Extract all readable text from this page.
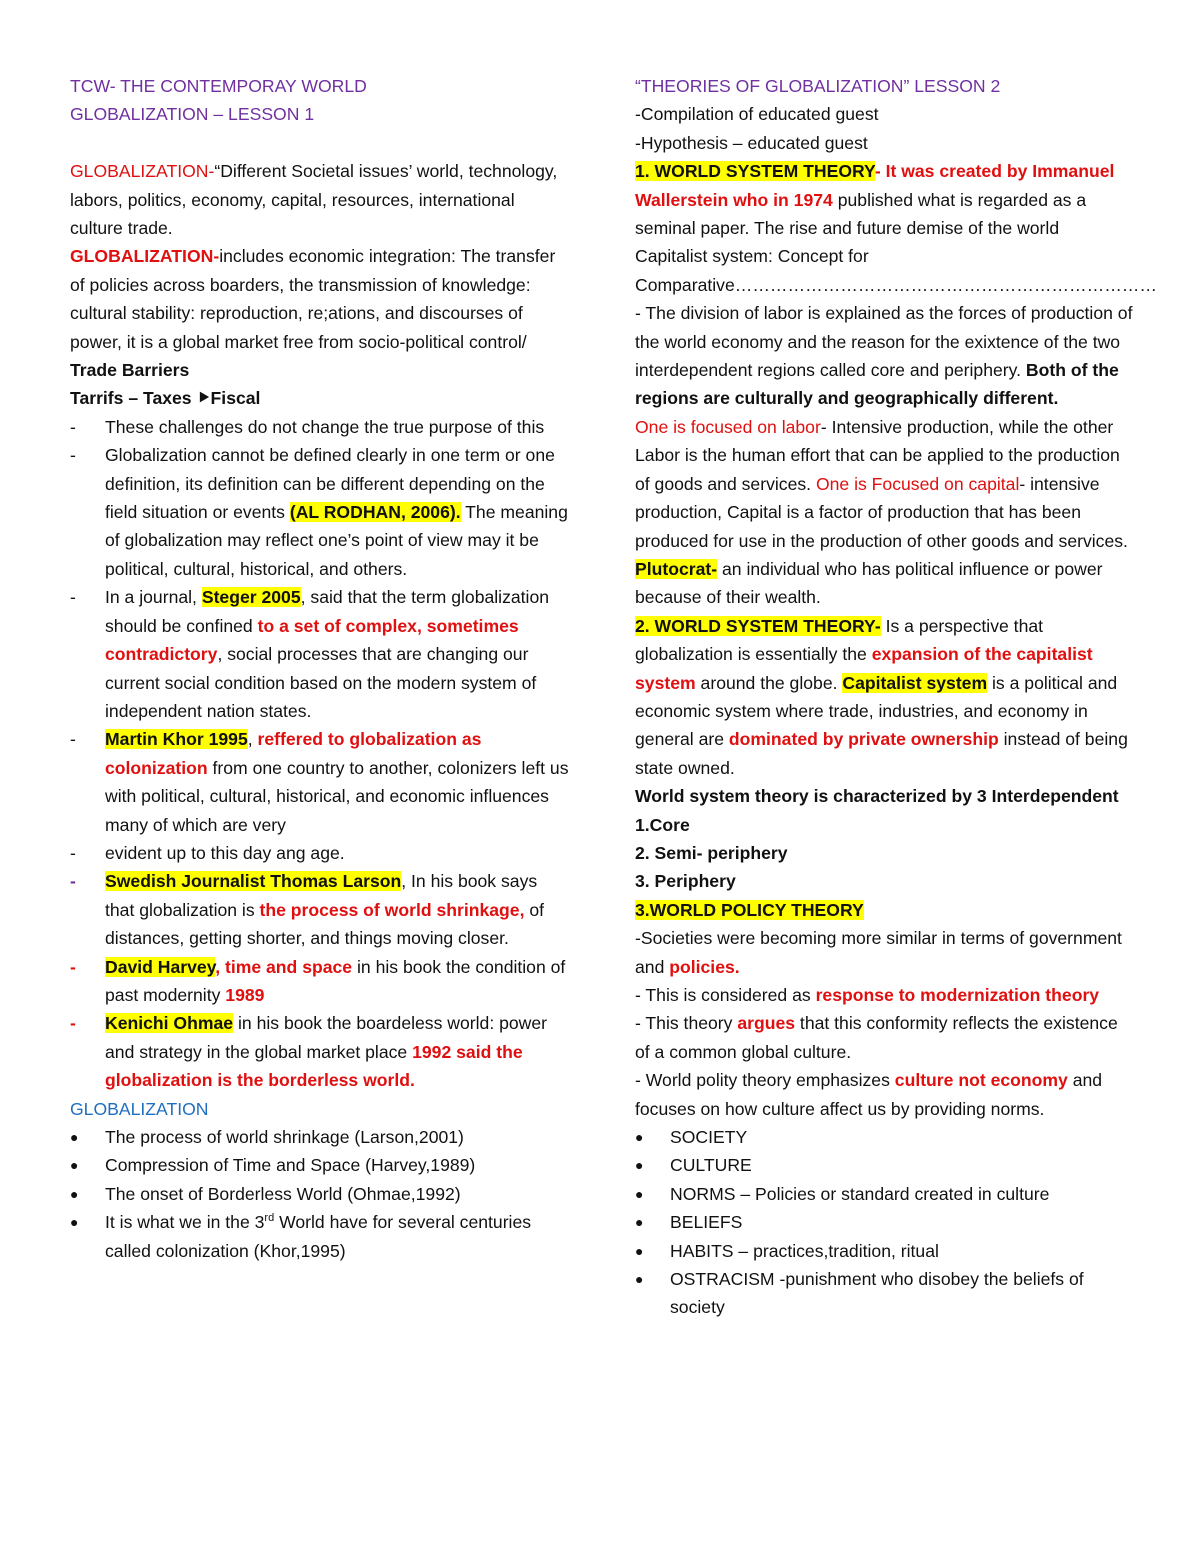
TCW- THE CONTEMPORAY WORLD

GLOBALIZATION – LESSON 1

GLOBALIZATION-“Different Societal issues’ world, technology, labors, politics, economy, capital, resources, international culture trade.

GLOBALIZATION-includes economic integration: The transfer of policies across boarders, the transmission of knowledge: cultural stability: reproduction, re;ations, and discourses of power, it is a global market free from socio-political control/

Trade Barriers

Tarrifs – Taxes ⯈Fiscal

- These challenges do not change the true purpose of this
- Globalization cannot be defined clearly in one term or one definition, its definition can be different depending on the field situation or events (AL RODHAN, 2006). The meaning of globalization may reflect one’s point of view may it be political, cultural, historical, and others.
- In a journal, Steger 2005, said that the term globalization should be confined to a set of complex, sometimes contradictory, social processes that are changing our current social condition based on the modern system of independent nation states.
- Martin Khor 1995, reffered to globalization as colonization from one country to another, colonizers left us with political, cultural, historical, and economic influences many of which are very
- evident up to this day ang age.
- Swedish Journalist Thomas Larson, In his book says that globalization is the process of world shrinkage, of distances, getting shorter, and things moving closer.
- David Harvey, time and space in his book the condition of past modernity 1989
- Kenichi Ohmae in his book the boardeless world: power and strategy in the global market place 1992 said the globalization is the borderless world.

GLOBALIZATION

● The process of world shrinkage (Larson,2001)
● Compression of Time and Space (Harvey,1989)
● The onset of Borderless World (Ohmae,1992)
● It is what we in the 3rd World have for several centuries called colonization (Khor,1995)

“THEORIES OF GLOBALIZATION” LESSON 2

-Compilation of educated guest

-Hypothesis – educated guest

1. WORLD SYSTEM THEORY- It was created by Immanuel Wallerstein who in 1974 published what is regarded as a seminal paper. The rise and future demise of the world Capitalist system: Concept for Comparative………………………………………………………………

- The division of labor is explained as the forces of production of the world economy and the reason for the exixtence of the two interdependent regions called core and periphery. Both of the regions are culturally and geographically different.

One is focused on labor- Intensive production, while the other Labor is the human effort that can be applied to the production of goods and services. One is Focused on capital- intensive production, Capital is a factor of production that has been produced for use in the production of other goods and services.

Plutocrat- an individual who has political influence or power because of their wealth.

2. WORLD SYSTEM THEORY- Is a perspective that globalization is essentially the expansion of the capitalist system around the globe. Capitalist system is a political and economic system where trade, industries, and economy in general are dominated by private ownership instead of being state owned.

World system theory is characterized by 3 Interdependent

1.Core

2. Semi- periphery

3. Periphery

3.WORLD POLICY THEORY

-Societies were becoming more similar in terms of government and policies.

- This is considered as response to modernization theory

- This theory argues that this conformity reflects the existence of a common global culture.

- World polity theory emphasizes culture not economy and focuses on how culture affect us by providing norms.

● SOCIETY
● CULTURE
● NORMS – Policies or standard created in culture
● BELIEFS
● HABITS – practices,tradition, ritual
● OSTRACISM -punishment who disobey the beliefs of society
